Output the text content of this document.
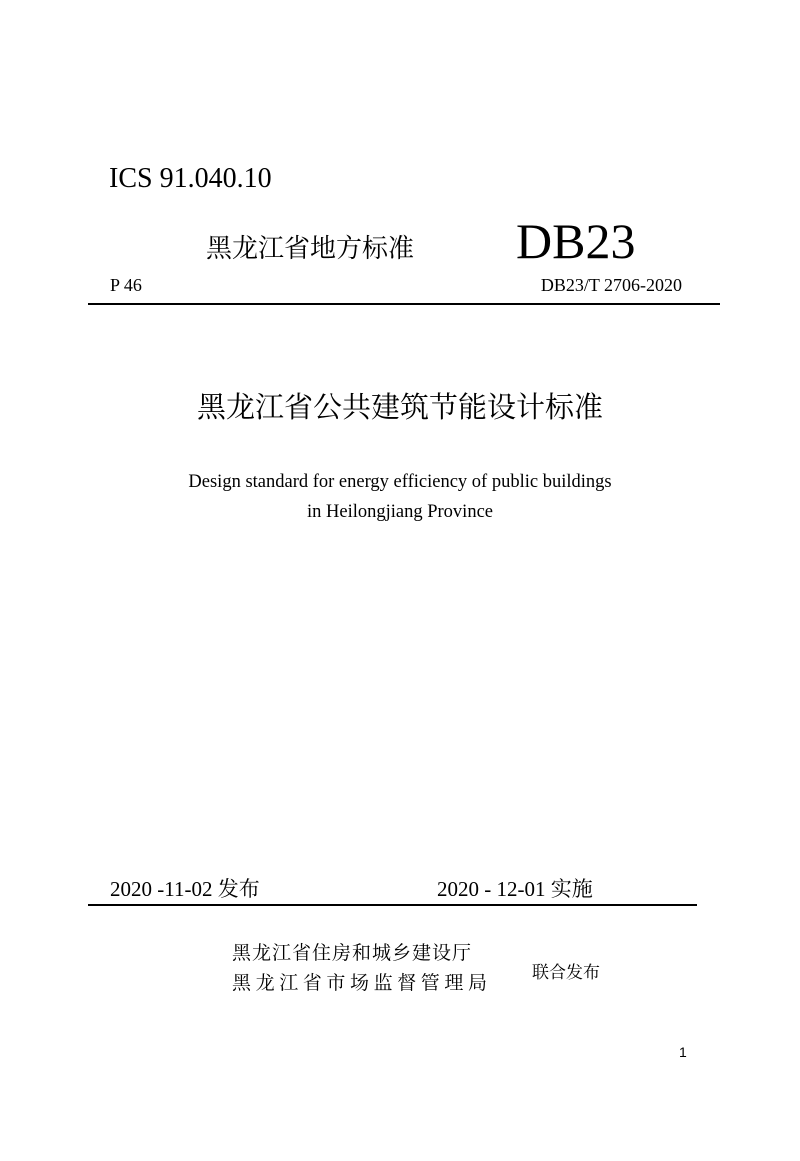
ICS 91.040.10
黑龙江省地方标准 DB23
P 46	DB23/T 2706-2020
黑龙江省公共建筑节能设计标准
Design standard for energy efficiency of public buildings
in Heilongjiang Province
2020 -11-02 发布	2020 - 12-01 实施
黑龙江省住房和城乡建设厅
黑龙江省市场监督管理局 联合发布
1
